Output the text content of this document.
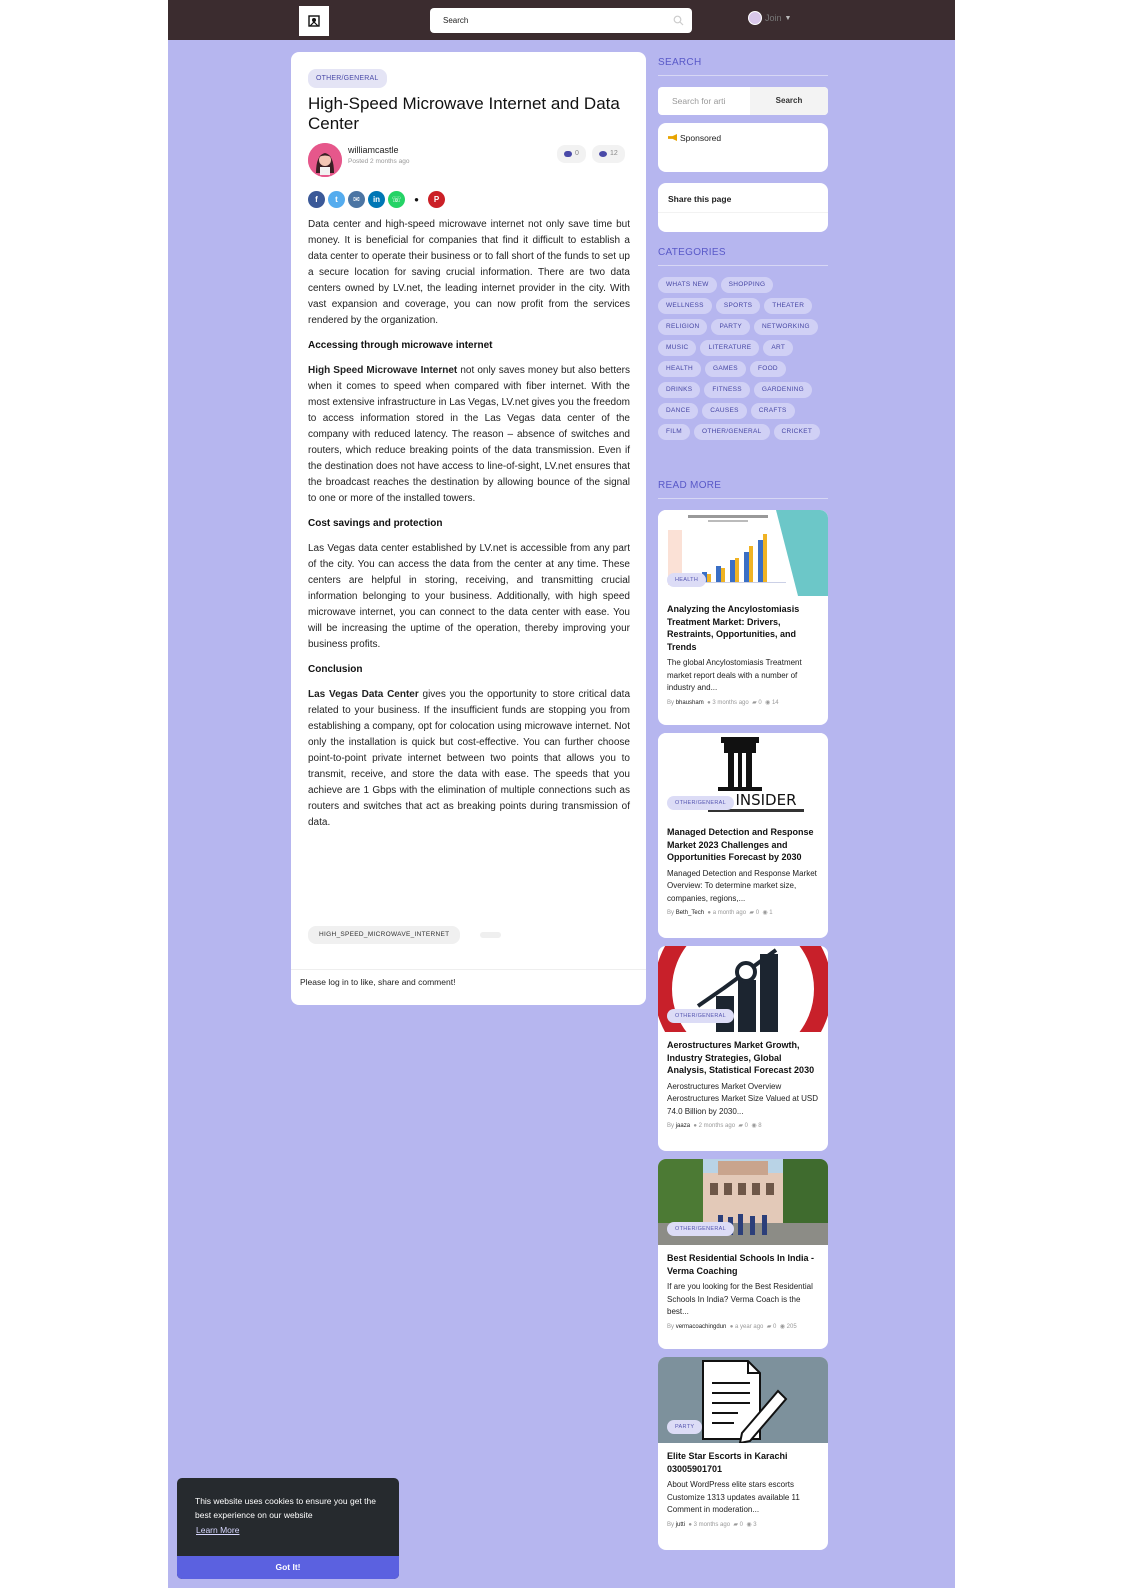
Search	Join ▼
OTHER/GENERAL
High-Speed Microwave Internet and Data Center
williamcastle
Posted 2 months ago
0	12
f	t	✉	in	☏	●	P

Data center and high-speed microwave internet not only save time but money. It is beneficial for companies that find it difficult to establish a data center to operate their business or to fall short of the funds to set up a secure location for saving crucial information. There are two data centers owned by LV.net, the leading internet provider in the city. With vast expansion and coverage, you can now profit from the services rendered by the organization.

Accessing through microwave internet

High Speed Microwave Internet not only saves money but also betters when it comes to speed when compared with fiber internet. With the most extensive infrastructure in Las Vegas, LV.net gives you the freedom to access information stored in the Las Vegas data center of the company with reduced latency. The reason – absence of switches and routers, which reduce breaking points of the data transmission. Even if the destination does not have access to line-of-sight, LV.net ensures that the broadcast reaches the destination by allowing bounce of the signal to one or more of the installed towers.

Cost savings and protection

Las Vegas data center established by LV.net is accessible from any part of the city. You can access the data from the center at any time. These centers are helpful in storing, receiving, and transmitting crucial information belonging to your business. Additionally, with high speed microwave internet, you can connect to the data center with ease. You will be increasing the uptime of the operation, thereby improving your business profits.

Conclusion

Las Vegas Data Center gives you the opportunity to store critical data related to your business. If the insufficient funds are stopping you from establishing a company, opt for colocation using microwave internet. Not only the installation is quick but cost-effective. You can further choose point-to-point private internet between two points that allows you to transmit, receive, and store the data with ease. The speeds that you achieve are 1 Gbps with the elimination of multiple connections such as routers and switches that act as breaking points during transmission of data.

HIGH_SPEED_MICROWAVE_INTERNET
Please log in to like, share and comment!
SEARCH
Search for arti	Search
Sponsored
Share this page
CATEGORIES
WHATS NEW	SHOPPING
WELLNESS	SPORTS	THEATER
RELIGION	PARTY	NETWORKING
MUSIC	LITERATURE	ART
HEALTH	GAMES	FOOD
DRINKS	FITNESS	GARDENING
DANCE	CAUSES	CRAFTS
FILM	OTHER/GENERAL	CRICKET
READ MORE
HEALTH
Analyzing the Ancylostomiasis Treatment Market: Drivers, Restraints, Opportunities, and Trends
The global Ancylostomiasis Treatment market report deals with a number of industry and...
By bhausham ● 3 months ago ▰ 0 ◉ 14
INSIDER
OTHER/GENERAL
Managed Detection and Response Market 2023 Challenges and Opportunities Forecast by 2030
Managed Detection and Response Market Overview: To determine market size, companies, regions,...
By Beth_Tech ● a month ago ▰ 0 ◉ 1
OTHER/GENERAL
Aerostructures Market Growth, Industry Strategies, Global Analysis, Statistical Forecast 2030
Aerostructures Market Overview Aerostructures Market Size Valued at USD 74.0 Billion by 2030...
By jaaza ● 2 months ago ▰ 0 ◉ 8
OTHER/GENERAL
Best Residential Schools In India - Verma Coaching
If are you looking for the Best Residential Schools In India? Verma Coach is the best...
By vermacoachingdun ● a year ago ▰ 0 ◉ 205
PARTY
Elite Star Escorts in Karachi 03005901701
About WordPress elite stars escorts Customize 1313 updates available 11 Comment in moderation...
By jutti ● 3 months ago ▰ 0 ◉ 3
This website uses cookies to ensure you get the best experience on our website
Learn More
Got It!
